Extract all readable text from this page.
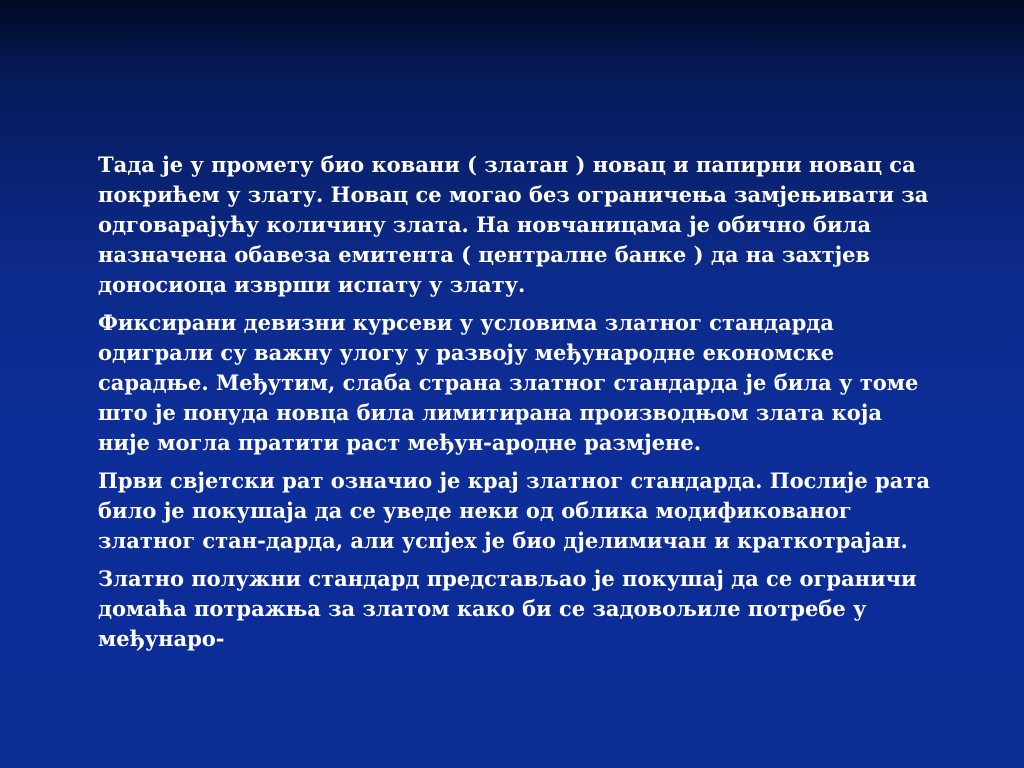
Тада је у промету био ковани ( златан ) новац и папирни новац са
покрићем у злату. Новац се могао без ограничења замјењивати за
одговарајућу количину злата. На новчаницама је обично била
назначена обавеза емитента ( централне банке ) да на захтјев
доносиоца изврши испату у злату.

Фиксирани девизни курсеви у условима златног стандарда
одиграли су важну улогу у развоју међународне економске
сарадње. Међутим, слаба страна златног стандарда је била у томе
што је понуда новца била лимитирана производњом злата која
није могла пратити раст међун-ародне размјене.

Први свјетски рат означио је крај златног стандарда. Послије рата
било је покушаја да се уведе неки од облика модификованог
златног стан-дарда, али успјех је био дјелимичан и краткотрајан.

Златно полужни стандард представљао је покушај да се ограничи
домаћа потражња за златом како би се задовољиле потребе у
међунаро-
